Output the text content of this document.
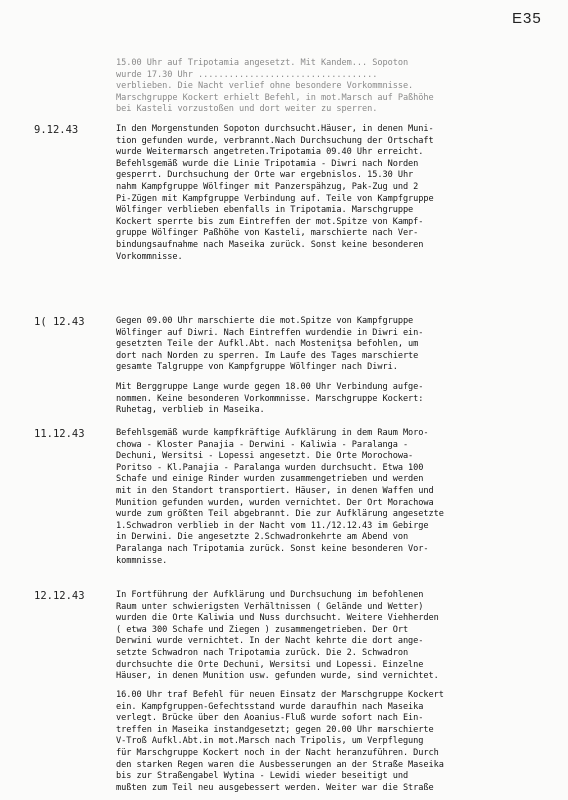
E35
15.00 Uhr auf Tripotamia angesetzt. Mit Kandem... Sopoton
wurde 17.30 Uhr ...................................
verblieben. Die Nacht verlief ohne besondere Vorkommnisse.
Marschgruppe Kockert erhielt Befehl, in mot.Marsch auf Paßhöhe
bei Kasteli vorzustoßen und dort weiter zu sperren.
9.12.43	In den Morgenstunden Sopoton durchsucht.Häuser, in denen Muni-
tion gefunden wurde, verbrannt.Nach Durchsuchung der Ortschaft
wurde Weitermarsch angetreten.Tripotamia 09.40 Uhr erreicht.
Befehlsgemäß wurde die Linie Tripotamia - Diwri nach Norden
gesperrt. Durchsuchung der Orte war ergebnislos. 15.30 Uhr
nahm Kampfgruppe Wölfinger mit Panzerspähzug, Pak-Zug und 2
Pi-Zügen mit Kampfgruppe Verbindung auf. Teile von Kampfgruppe
Wölfinger verblieben ebenfalls in Tripotamia. Marschgruppe
Kockert sperrte bis zum Eintreffen der mot.Spitze von Kampf-
gruppe Wölfinger Paßhöhe von Kasteli, marschierte nach Ver-
bindungsaufnahme nach Maseika zurück. Sonst keine besonderen
Vorkommnisse.
1( 12.43	Gegen 09.00 Uhr marschierte die mot.Spitze von Kampfgruppe
Wölfinger auf Diwri. Nach Eintreffen wurdendie in Diwri ein-
gesetzten Teile der Aufkl.Abt. nach Mosteniţsa befohlen, um
dort nach Norden zu sperren. Im Laufe des Tages marschierte
gesamte Talgruppe von Kampfgruppe Wölfinger nach Diwri.
Mit Berggruppe Lange wurde gegen 18.00 Uhr Verbindung aufge-
nommen. Keine besonderen Vorkommnisse. Marschgruppe Kockert:
Ruhetag, verblieb in Maseika.
11.12.43	Befehlsgemäß wurde kampfkräftige Aufklärung in dem Raum Moro-
chowa - Kloster Panajia - Derwini - Kaliwia - Paralanga -
Dechuni, Wersitsi - Lopessi angesetzt. Die Orte Morochowa-
Poritso - Kl.Panajia - Paralanga wurden durchsucht. Etwa 100
Schafe und einige Rinder wurden zusammengetrieben und werden
mit in den Standort transportiert. Häuser, in denen Waffen und
Munition gefunden wurden, wurden vernichtet. Der Ort Morachowa
wurde zum größten Teil abgebrannt. Die zur Aufklärung angesetzte
1.Schwadron verblieb in der Nacht vom 11./12.12.43 im Gebirge
in Derwini. Die angesetzte 2.Schwadronkehrte am Abend von
Paralanga nach Tripotamia zurück. Sonst keine besonderen Vor-
kommnisse.
12.12.43	In Fortführung der Aufklärung und Durchsuchung im befohlenen
Raum unter schwierigsten Verhältnissen ( Gelände und Wetter)
wurden die Orte Kaliwia und Nuss durchsucht. Weitere Viehherden
( etwa 300 Schafe und Ziegen ) zusammengetrieben. Der Ort
Derwini wurde vernichtet. In der Nacht kehrte die dort ange-
setzte Schwadron nach Tripotamia zurück. Die 2. Schwadron
durchsuchte die Orte Dechuni, Wersitsi und Lopessi. Einzelne
Häuser, in denen Munition usw. gefunden wurde, sind vernichtet.
16.00 Uhr traf Befehl für neuen Einsatz der Marschgruppe Kockert
ein. Kampfgruppen-Gefechtsstand wurde daraufhin nach Maseika
verlegt. Brücke über den Aoanius-Fluß wurde sofort nach Ein-
treffen in Maseika instandgesetzt; gegen 20.00 Uhr marschierte
V-Troß Aufkl.Abt.in mot.Marsch nach Tripolis, um Verpflegung
für Marschgruppe Kockert noch in der Nacht heranzuführen. Durch
den starken Regen waren die Ausbesserungen an der Straße Maseika
bis zur Straßengabel Wytina - Lewidi wieder beseitigt und
mußten zum Teil neu ausgebessert werden. Weiter war die Straße
